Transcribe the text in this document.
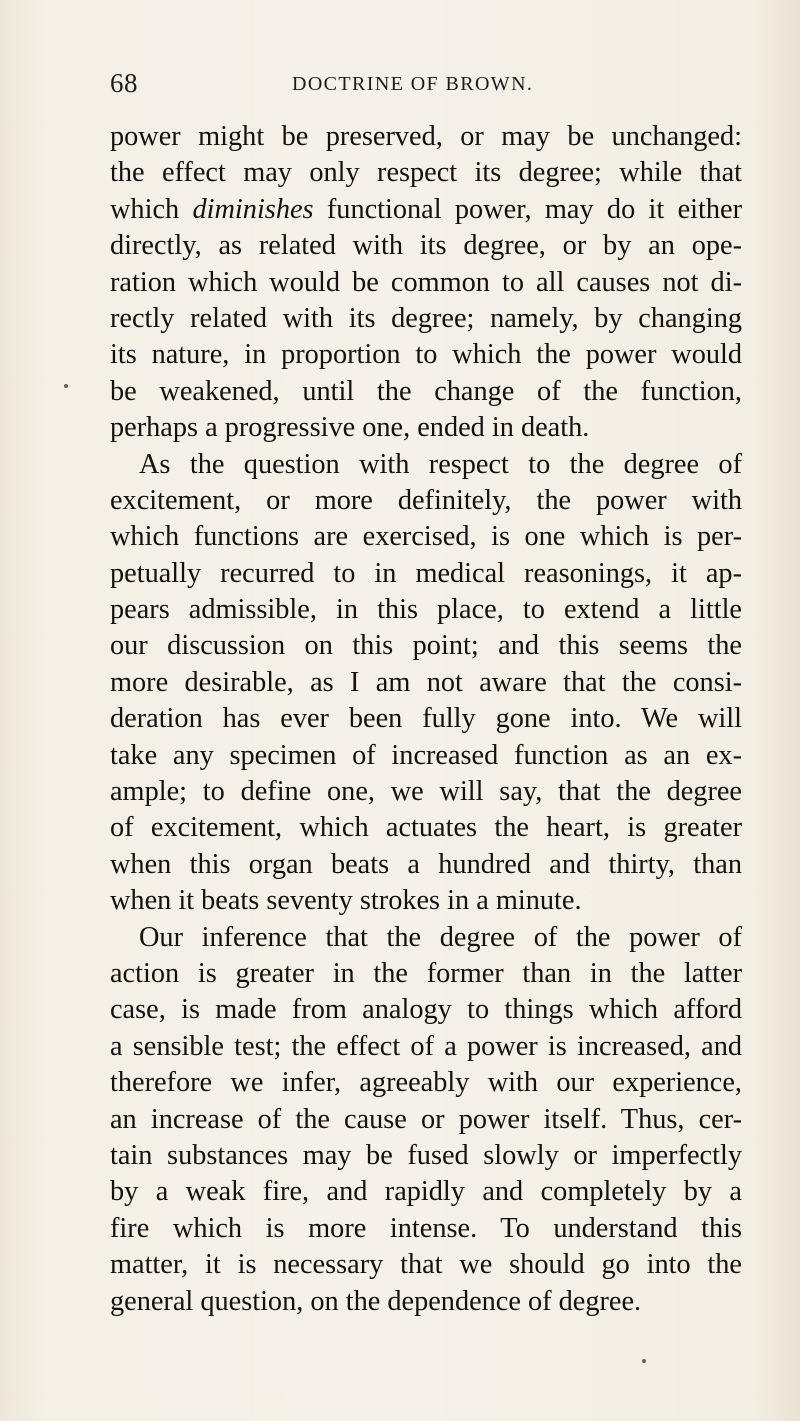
68	DOCTRINE OF BROWN.
power might be preserved, or may be unchanged:
the effect may only respect its degree; while that
which diminishes functional power, may do it either
directly, as related with its degree, or by an ope-
ration which would be common to all causes not di-
rectly related with its degree; namely, by changing
its nature, in proportion to which the power would
be weakened, until the change of the function,
perhaps a progressive one, ended in death.
As the question with respect to the degree of
excitement, or more definitely, the power with
which functions are exercised, is one which is per-
petually recurred to in medical reasonings, it ap-
pears admissible, in this place, to extend a little
our discussion on this point; and this seems the
more desirable, as I am not aware that the consi-
deration has ever been fully gone into. We will
take any specimen of increased function as an ex-
ample; to define one, we will say, that the degree
of excitement, which actuates the heart, is greater
when this organ beats a hundred and thirty, than
when it beats seventy strokes in a minute.
Our inference that the degree of the power of
action is greater in the former than in the latter
case, is made from analogy to things which afford
a sensible test; the effect of a power is increased, and
therefore we infer, agreeably with our experience,
an increase of the cause or power itself. Thus, cer-
tain substances may be fused slowly or imperfectly
by a weak fire, and rapidly and completely by a
fire which is more intense. To understand this
matter, it is necessary that we should go into the
general question, on the dependence of degree.
